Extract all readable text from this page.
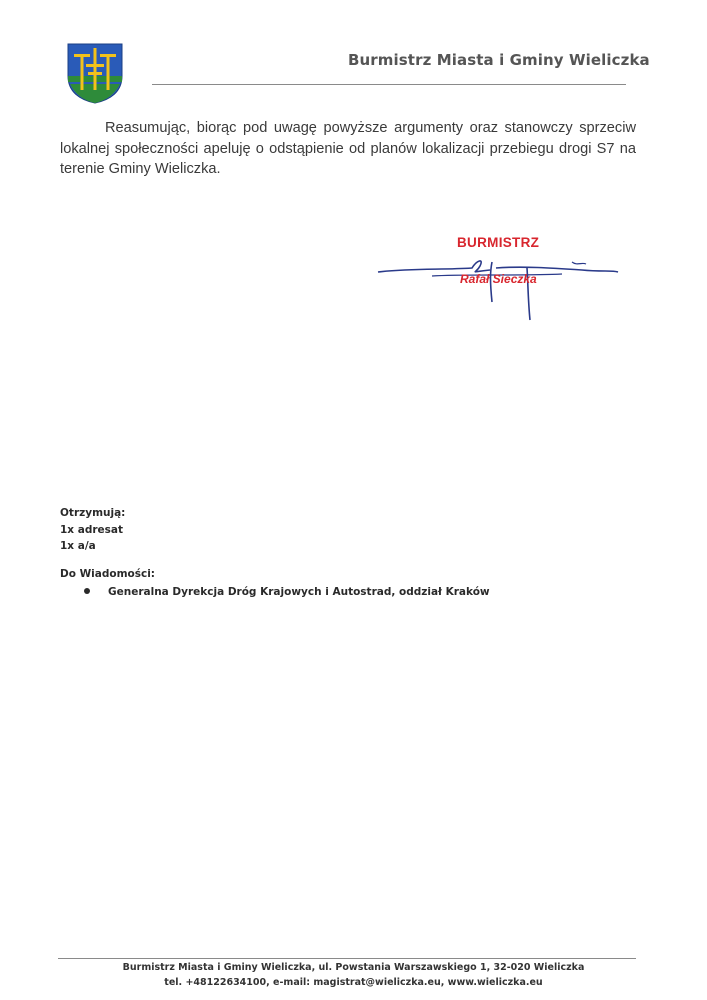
Burmistrz Miasta i Gminy Wieliczka

Reasumując, biorąc pod uwagę powyższe argumenty oraz stanowczy sprzeciw lokalnej społeczności apeluję o odstąpienie od planów lokalizacji przebiegu drogi S7 na terenie Gminy Wieliczka.

BURMISTRZ
Rafał Sieczka
Otrzymują:
1x adresat
1x a/a
Do Wiadomości:
Generalna Dyrekcja Dróg Krajowych i Autostrad, oddział Kraków
Burmistrz Miasta i Gminy Wieliczka, ul. Powstania Warszawskiego 1, 32-020 Wieliczka
tel. +48122634100, e-mail: magistrat@wieliczka.eu, www.wieliczka.eu
